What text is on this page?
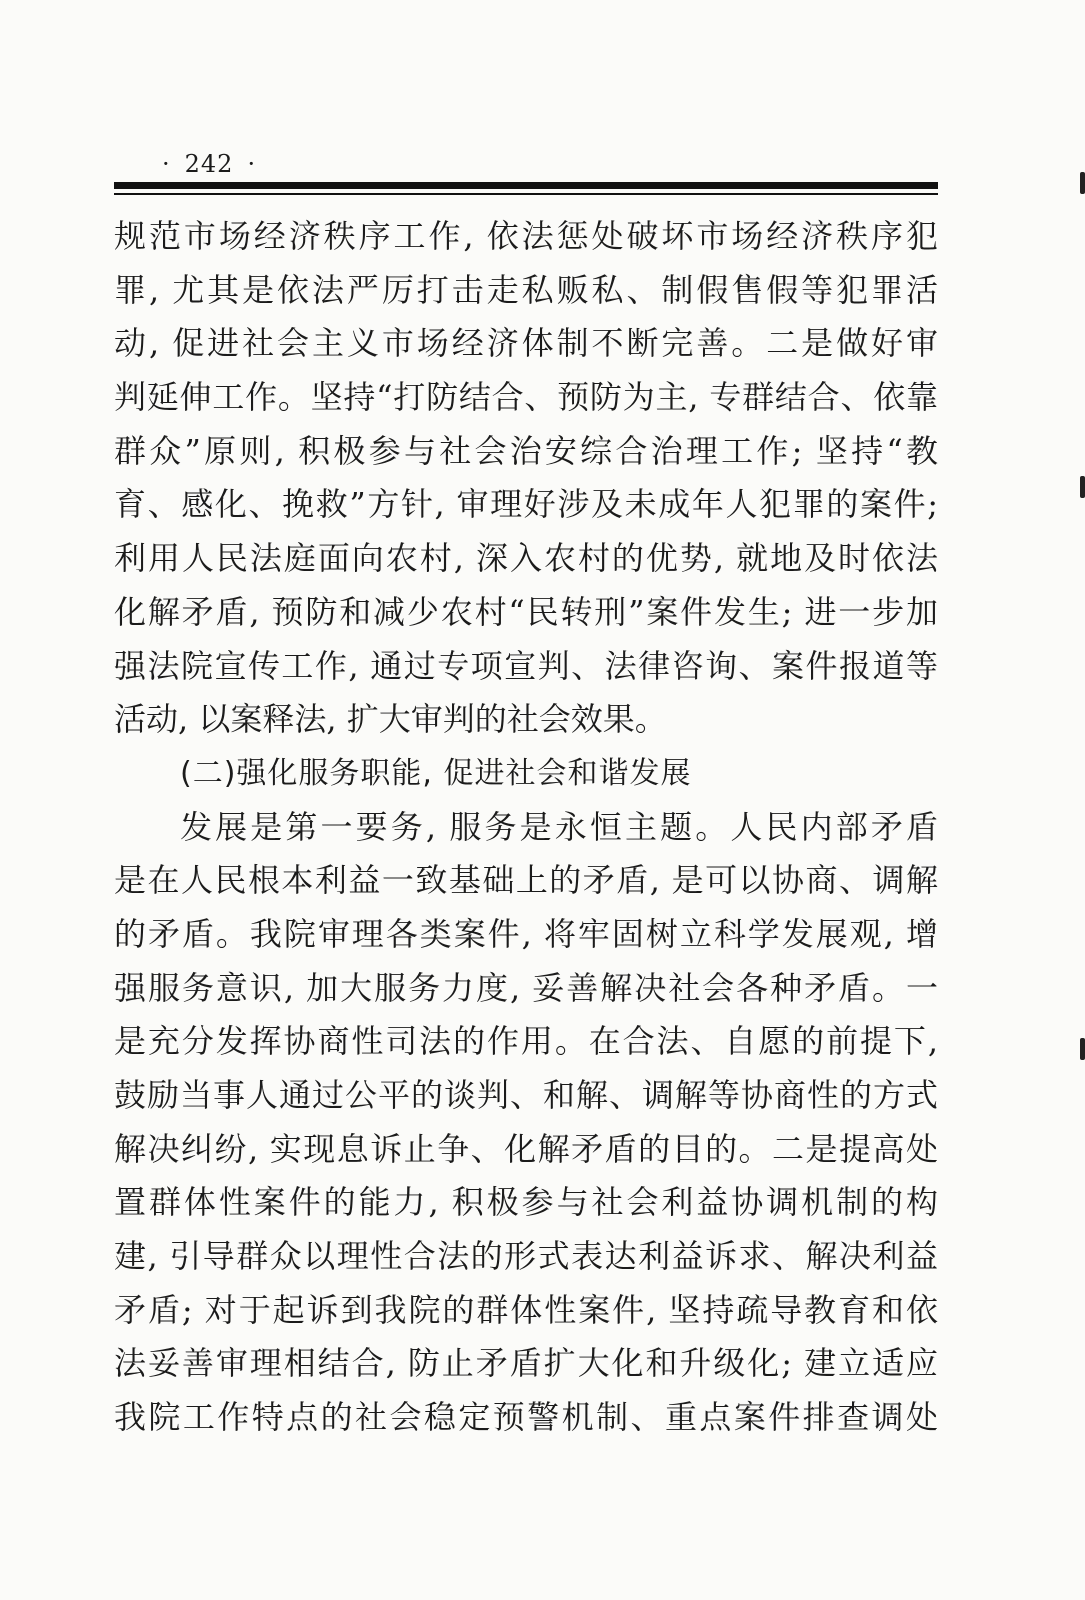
· 242 ·
规范市场经济秩序工作, 依法惩处破坏市场经济秩序犯
罪, 尤其是依法严厉打击走私贩私、制假售假等犯罪活
动, 促进社会主义市场经济体制不断完善。二是做好审
判延伸工作。坚持“打防结合、预防为主, 专群结合、依靠
群众”原则, 积极参与社会治安综合治理工作; 坚持“教
育、感化、挽救”方针, 审理好涉及未成年人犯罪的案件;
利用人民法庭面向农村, 深入农村的优势, 就地及时依法
化解矛盾, 预防和减少农村“民转刑”案件发生; 进一步加
强法院宣传工作, 通过专项宣判、法律咨询、案件报道等
活动, 以案释法, 扩大审判的社会效果。
(二)强化服务职能, 促进社会和谐发展
发展是第一要务, 服务是永恒主题。人民内部矛盾
是在人民根本利益一致基础上的矛盾, 是可以协商、调解
的矛盾。我院审理各类案件, 将牢固树立科学发展观, 增
强服务意识, 加大服务力度, 妥善解决社会各种矛盾。一
是充分发挥协商性司法的作用。在合法、自愿的前提下,
鼓励当事人通过公平的谈判、和解、调解等协商性的方式
解决纠纷, 实现息诉止争、化解矛盾的目的。二是提高处
置群体性案件的能力, 积极参与社会利益协调机制的构
建, 引导群众以理性合法的形式表达利益诉求、解决利益
矛盾; 对于起诉到我院的群体性案件, 坚持疏导教育和依
法妥善审理相结合, 防止矛盾扩大化和升级化; 建立适应
我院工作特点的社会稳定预警机制、重点案件排查调处
